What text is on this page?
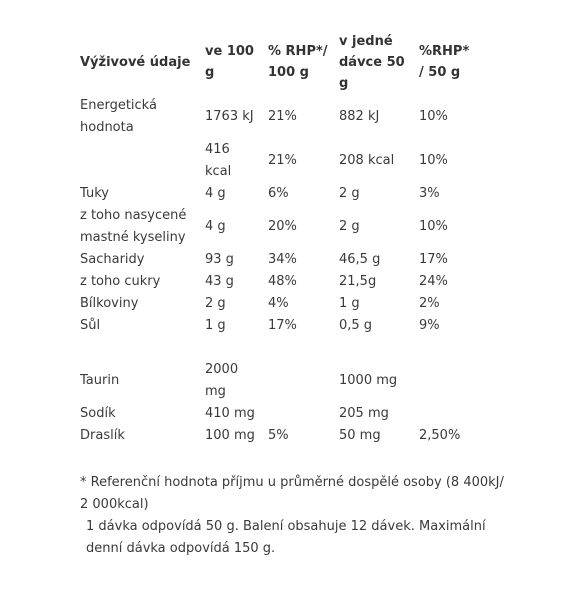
Výživové údaje	ve 100 g	% RHP*/ 100 g	v jedné dávce 50 g	%RHP*/ 50 g
Energetická hodnota	1763 kJ	21%	882 kJ	10%
	416 kcal	21%	208 kcal	10%
Tuky	4 g	6%	2 g	3%
z toho nasycené mastné kyseliny	4 g	20%	2 g	10%
Sacharidy	93 g	34%	46,5 g	17%
z toho cukry	43 g	48%	21,5g	24%
Bílkoviny	2 g	4%	1 g	2%
Sůl	1 g	17%	0,5 g	9%

Taurin	2000 mg		1000 mg	
Sodík	410 mg		205 mg	
Draslík	100 mg	5%	50 mg	2,50%

* Referenční hodnota příjmu u průměrné dospělé osoby (8 400kJ/ 2 000kcal)

1 dávka odpovídá 50 g. Balení obsahuje 12 dávek. Maximální denní dávka odpovídá 150 g.
